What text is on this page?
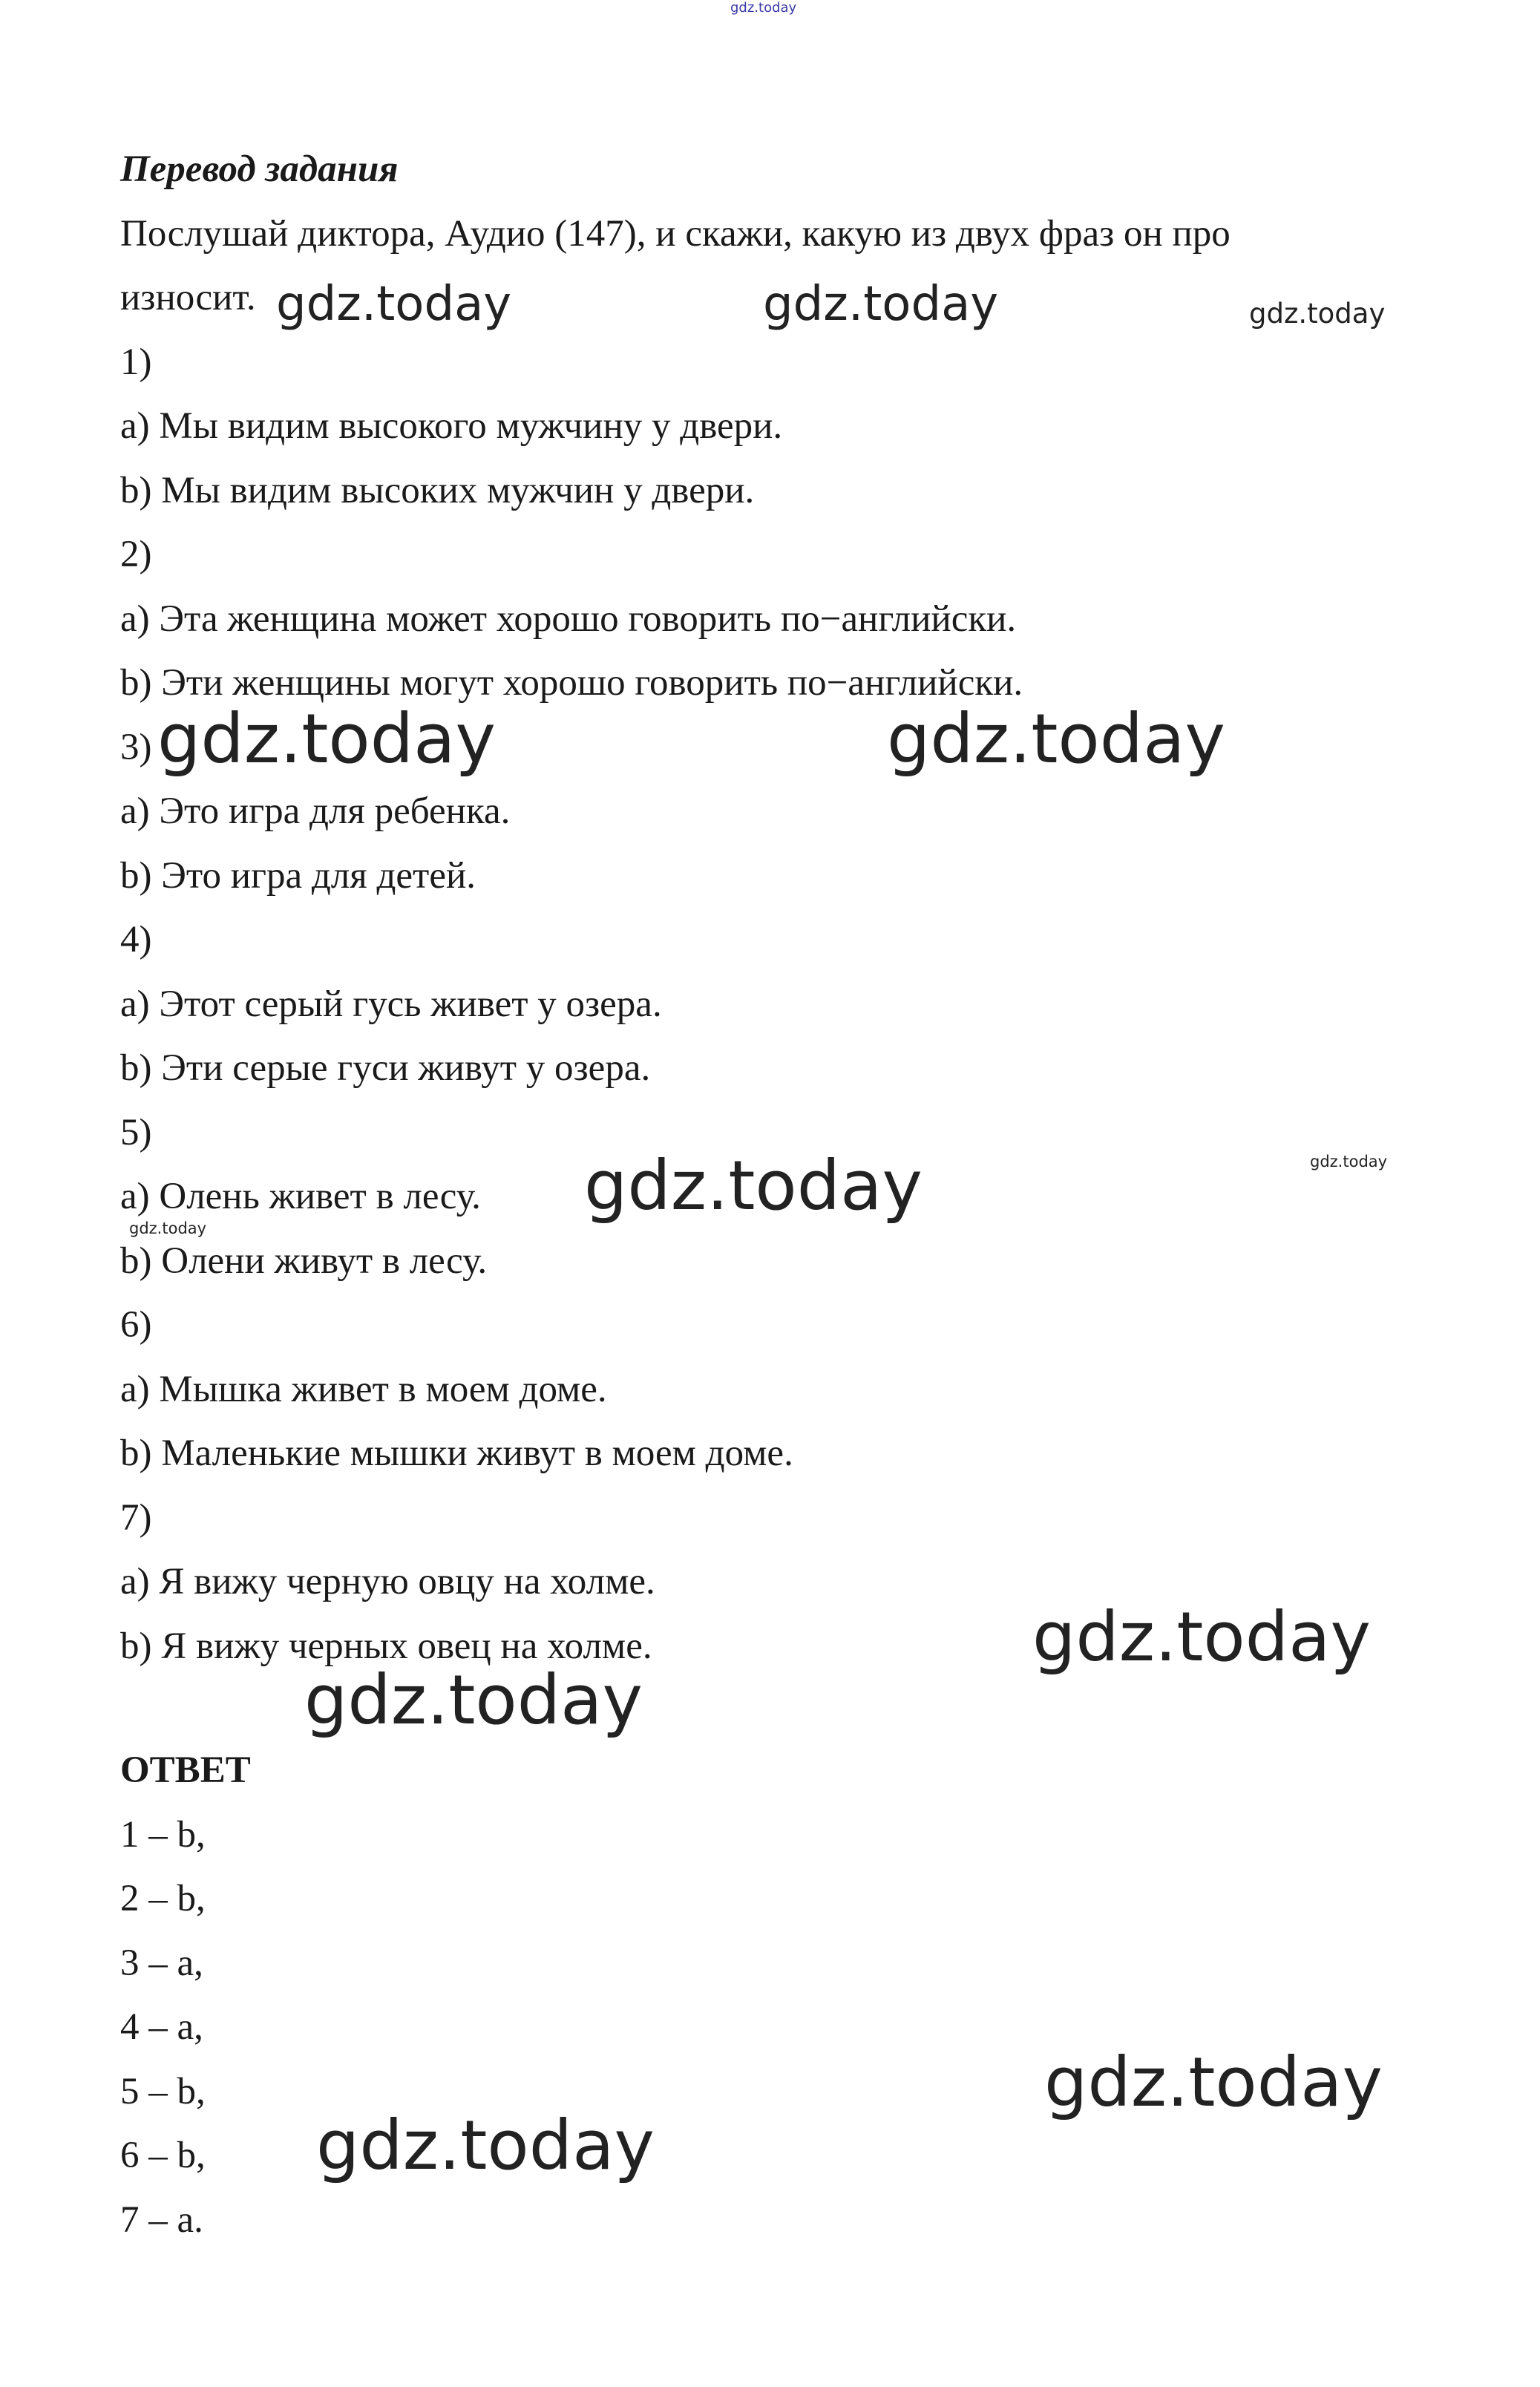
Перевод задания
Послушай диктора, Аудио (147), и скажи, какую из двух фраз он про
износит.
1)
a) Мы видим высокого мужчину у двери.
b) Мы видим высоких мужчин у двери.
2)
a) Эта женщина может хорошо говорить по−английски.
b) Эти женщины могут хорошо говорить по−английски.
3)
a) Это игра для ребенка.
b) Это игра для детей.
4)
a) Этот серый гусь живет у озера.
b) Эти серые гуси живут у озера.
5)
a) Олень живет в лесу.
b) Олени живут в лесу.
6)
a) Мышка живет в моем доме.
b) Маленькие мышки живут в моем доме.
7)
a) Я вижу черную овцу на холме.
b) Я вижу черных овец на холме.
ОТВЕТ
1 – b,
2 – b,
3 – a,
4 – a,
5 – b,
6 – b,
7 – a.
gdz.today
gdz.today	gdz.today	gdz.today
gdz.today	gdz.today
gdz.today
gdz.today
gdz.today
gdz.today
gdz.today
gdz.today
gdz.today
